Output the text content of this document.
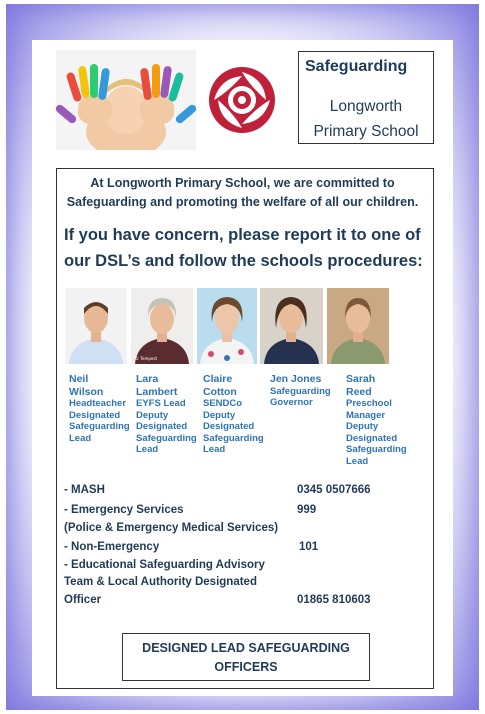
Safeguarding
Longworth
Primary School
At Longworth Primary School, we are committed to
Safeguarding and promoting the welfare of all our children.
If you have concern, please report it to one of
our DSL’s and follow the schools procedures:
© Tempest
Neil
Wilson
Headteacher
Designated
Safeguarding
Lead
Lara
Lambert
EYFS Lead
Deputy
Designated
Safeguarding
Lead
Claire
Cotton
SENDCo
Deputy
Designated
Safeguarding
Lead
Jen Jones
Safeguarding
Governor
Sarah
Reed
Preschool
Manager
Deputy
Designated
Safeguarding
Lead
- MASH	0345 0507666
- Emergency Services	999
(Police & Emergency Medical Services)
- Non-Emergency	101
- Educational Safeguarding Advisory
Team & Local Authority Designated
Officer	01865 810603
DESIGNED LEAD SAFEGUARDING
OFFICERS
